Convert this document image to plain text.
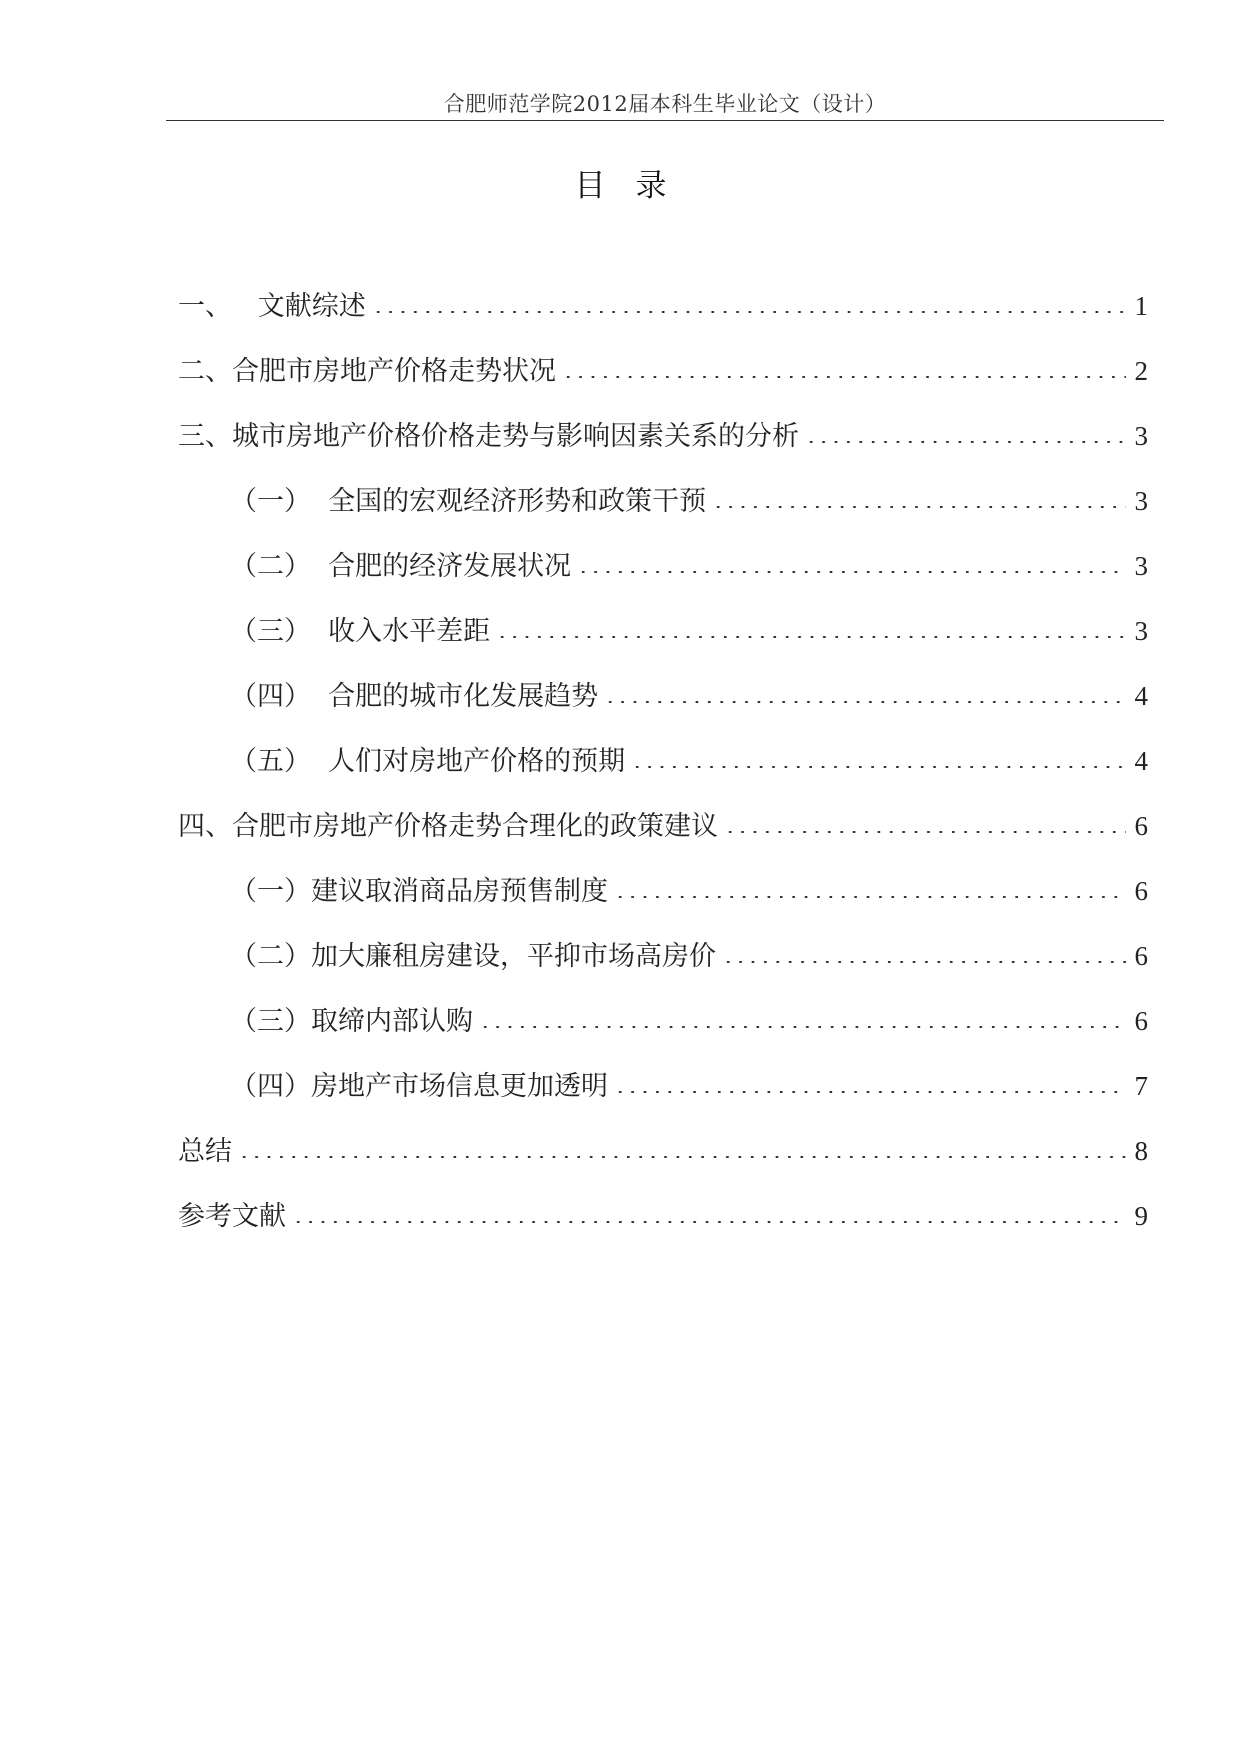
合肥师范学院2012届本科生毕业论文（设计）
目录
一、   文献综述	1
二、合肥市房地产价格走势状况	2
三、城市房地产价格价格走势与影响因素关系的分析	3
（一）  全国的宏观经济形势和政策干预	3
（二）  合肥的经济发展状况	3
（三）  收入水平差距	3
（四）  合肥的城市化发展趋势	4
（五）  人们对房地产价格的预期	4
四、合肥市房地产价格走势合理化的政策建议	6
（一）建议取消商品房预售制度	6
（二）加大廉租房建设，平抑市场高房价	6
（三）取缔内部认购	6
（四）房地产市场信息更加透明	7
总结	8
参考文献	9
